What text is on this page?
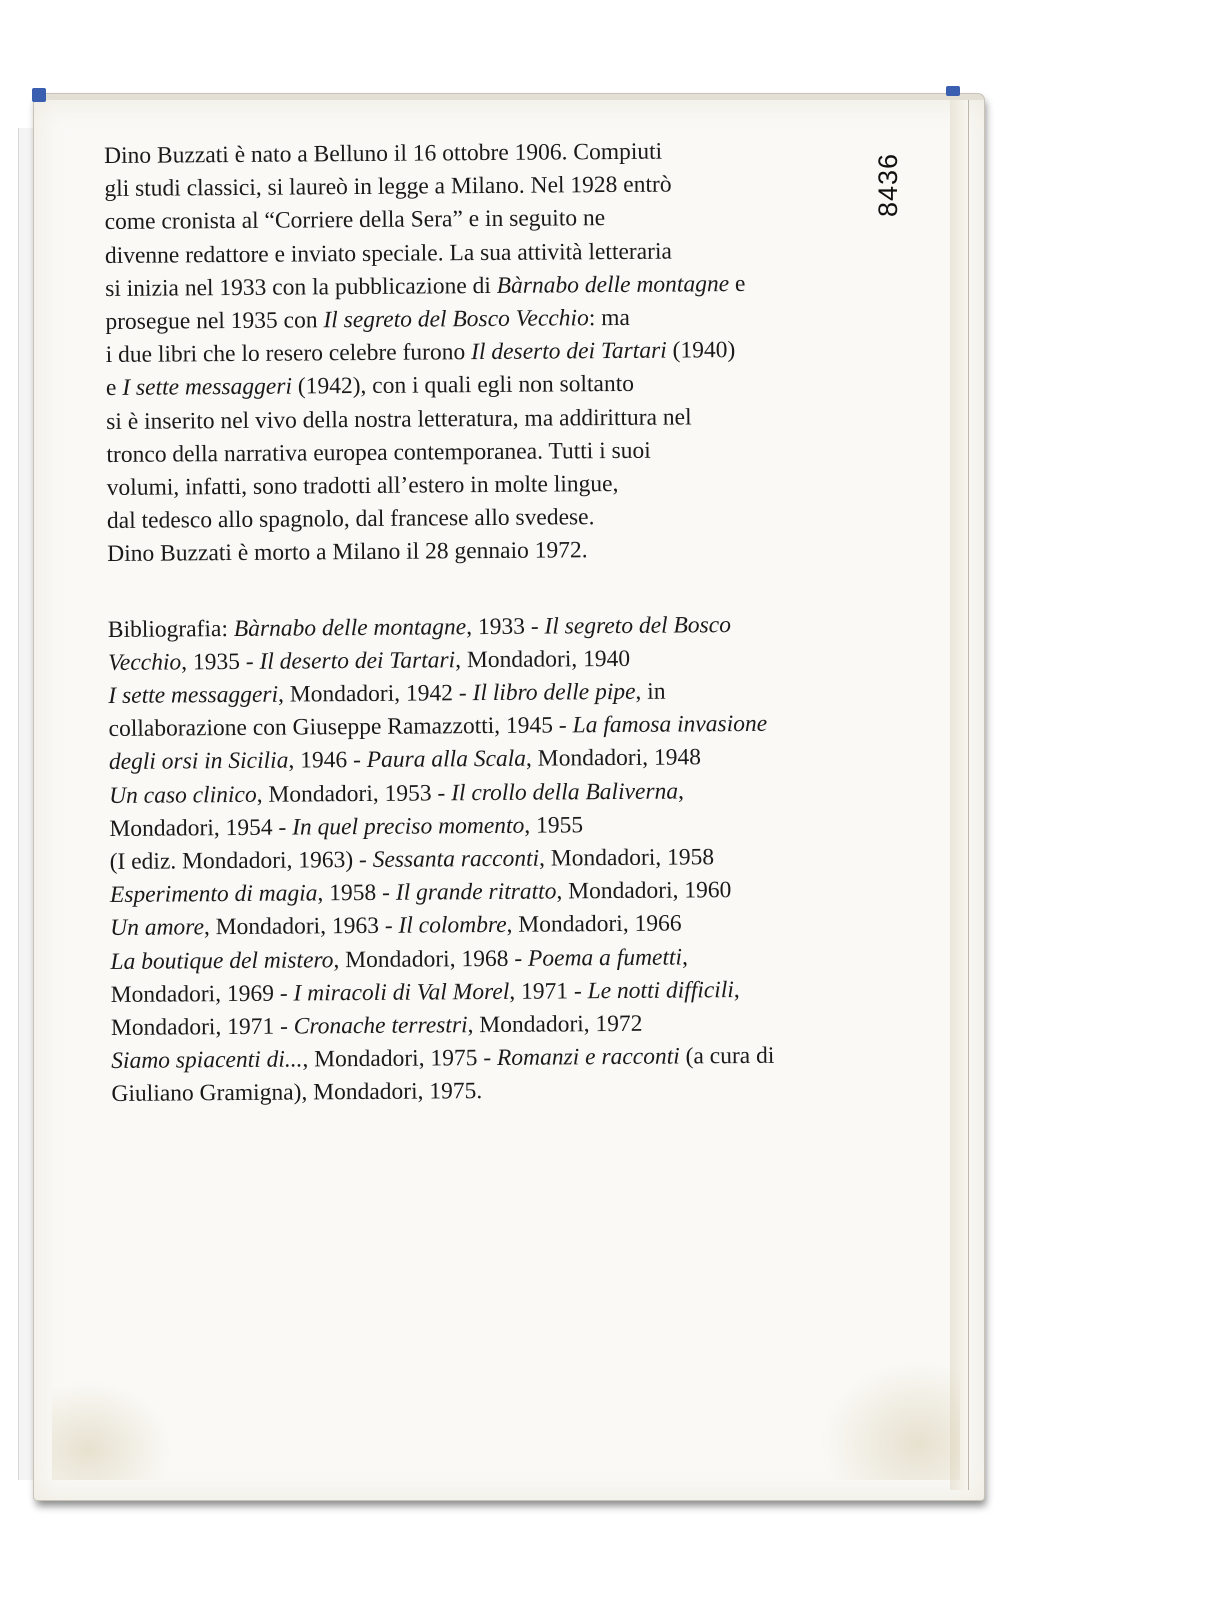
8436
Dino Buzzati è nato a Belluno il 16 ottobre 1906. Compiuti
gli studi classici, si laureò in legge a Milano. Nel 1928 entrò
come cronista al “Corriere della Sera” e in seguito ne
divenne redattore e inviato speciale. La sua attività letteraria
si inizia nel 1933 con la pubblicazione di Bàrnabo delle montagne e
prosegue nel 1935 con Il segreto del Bosco Vecchio: ma
i due libri che lo resero celebre furono Il deserto dei Tartari (1940)
e I sette messaggeri (1942), con i quali egli non soltanto
si è inserito nel vivo della nostra letteratura, ma addirittura nel
tronco della narrativa europea contemporanea. Tutti i suoi
volumi, infatti, sono tradotti all’estero in molte lingue,
dal tedesco allo spagnolo, dal francese allo svedese.
Dino Buzzati è morto a Milano il 28 gennaio 1972.
Bibliografia: Bàrnabo delle montagne, 1933 - Il segreto del Bosco
Vecchio, 1935 - Il deserto dei Tartari, Mondadori, 1940
I sette messaggeri, Mondadori, 1942 - Il libro delle pipe, in
collaborazione con Giuseppe Ramazzotti, 1945 - La famosa invasione
degli orsi in Sicilia, 1946 - Paura alla Scala, Mondadori, 1948
Un caso clinico, Mondadori, 1953 - Il crollo della Baliverna,
Mondadori, 1954 - In quel preciso momento, 1955
(I ediz. Mondadori, 1963) - Sessanta racconti, Mondadori, 1958
Esperimento di magia, 1958 - Il grande ritratto, Mondadori, 1960
Un amore, Mondadori, 1963 - Il colombre, Mondadori, 1966
La boutique del mistero, Mondadori, 1968 - Poema a fumetti,
Mondadori, 1969 - I miracoli di Val Morel, 1971 - Le notti difficili,
Mondadori, 1971 - Cronache terrestri, Mondadori, 1972
Siamo spiacenti di..., Mondadori, 1975 - Romanzi e racconti (a cura di
Giuliano Gramigna), Mondadori, 1975.
